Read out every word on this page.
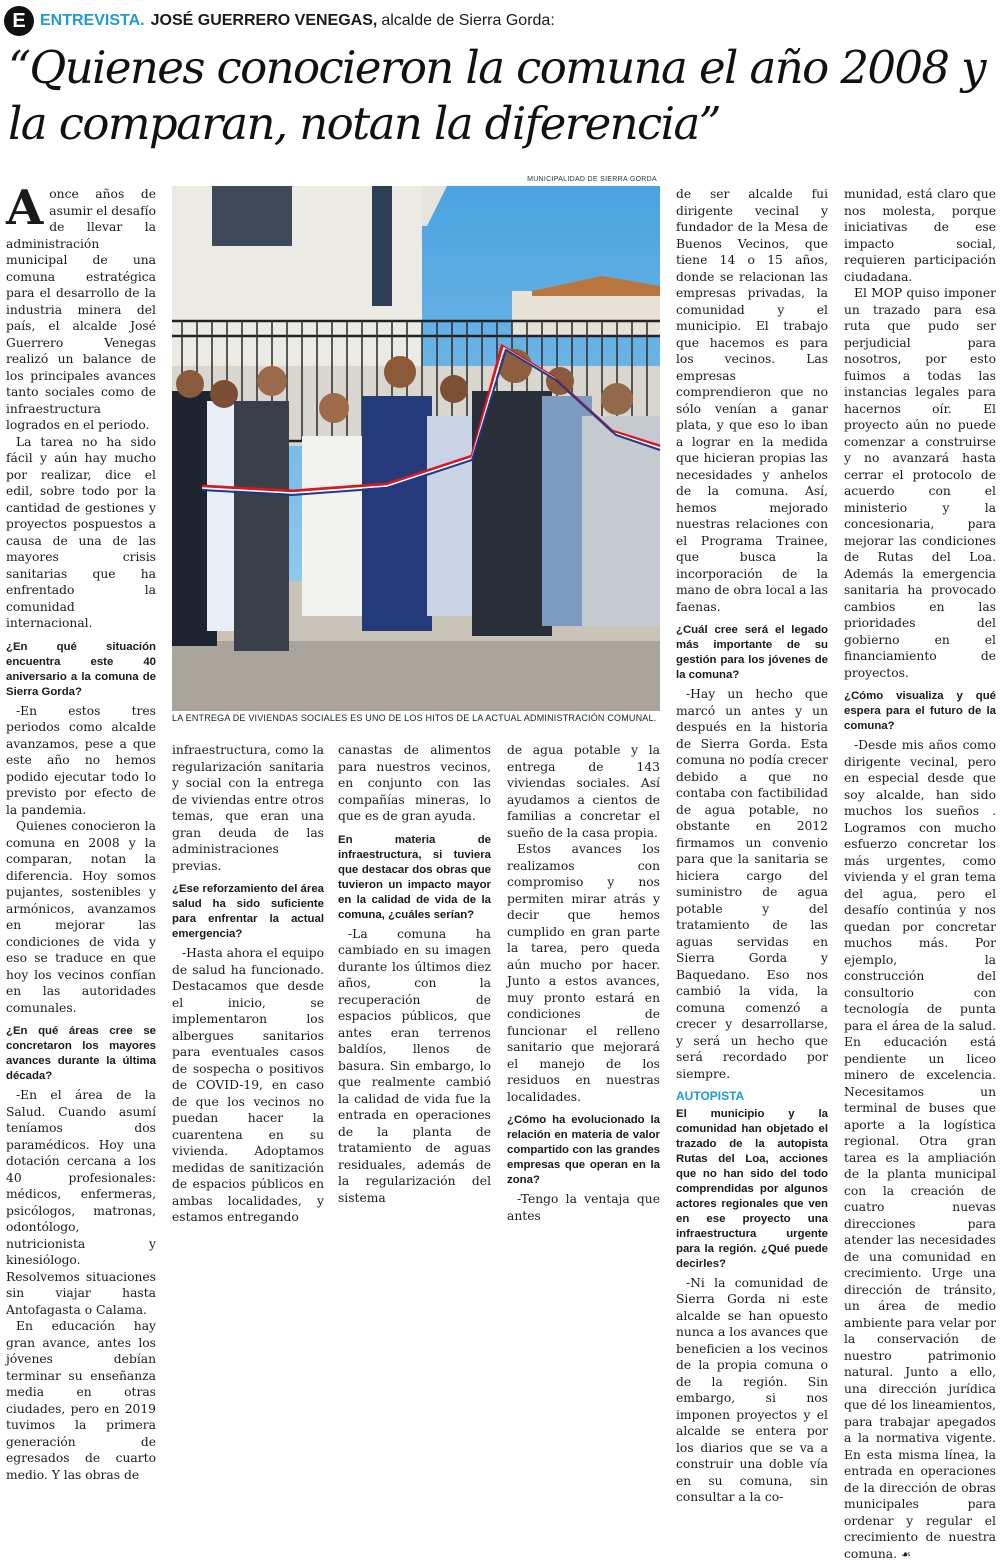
E ENTREVISTA. JOSÉ GUERRERO VENEGAS, alcalde de Sierra Gorda:
“Quienes conocieron la comuna el año 2008 y la comparan, notan la diferencia”

Aonce años de asumir el desafío de llevar la administración municipal de una comuna estratégica para el desarrollo de la industria minera del país, el alcalde José Guerrero Venegas realizó un balance de los principales avances tanto sociales como de infraestructura logrados en el periodo.

La tarea no ha sido fácil y aún hay mucho por realizar, dice el edil, sobre todo por la cantidad de gestiones y proyectos pospuestos a causa de una de las mayores crisis sanitarias que ha enfrentado la comunidad internacional.

¿En qué situación encuentra este 40 aniversario a la comuna de Sierra Gorda?

-En estos tres periodos como alcalde avanzamos, pese a que este año no hemos podido ejecutar todo lo previsto por efecto de la pandemia.

Quienes conocieron la comuna en 2008 y la comparan, notan la diferencia. Hoy somos pujantes, sostenibles y armónicos, avanzamos en mejorar las condiciones de vida y eso se traduce en que hoy los vecinos confían en las autoridades comunales.

¿En qué áreas cree se concretaron los mayores avances durante la última década?

-En el área de la Salud. Cuando asumí teníamos dos paramédicos. Hoy una dotación cercana a los 40 profesionales: médicos, enfermeras, psicólogos, matronas, odontólogo, nutricionista y kinesiólogo. Resolvemos situaciones sin viajar hasta Antofagasta o Calama.

En educación hay gran avance, antes los jóvenes debían terminar su enseñanza media en otras ciudades, pero en 2019 tuvimos la primera generación de egresados de cuarto medio. Y las obras de

MUNICIPALIDAD DE SIERRA GORDA
LA ENTREGA DE VIVIENDAS SOCIALES ES UNO DE LOS HITOS DE LA ACTUAL ADMINISTRACIÓN COMUNAL.

infraestructura, como la regularización sanitaria y social con la entrega de viviendas entre otros temas, que eran una gran deuda de las administraciones previas.

¿Ese reforzamiento del área salud ha sido suficiente para enfrentar la actual emergencia?

-Hasta ahora el equipo de salud ha funcionado. Destacamos que desde el inicio, se implementaron los albergues sanitarios para eventuales casos de sospecha o positivos de COVID-19, en caso de que los vecinos no puedan hacer la cuarentena en su vivienda. Adoptamos medidas de sanitización de espacios públicos en ambas localidades, y estamos entregando

canastas de alimentos para nuestros vecinos, en conjunto con las compañías mineras, lo que es de gran ayuda.

En materia de infraestructura, si tuviera que destacar dos obras que tuvieron un impacto mayor en la calidad de vida de la comuna, ¿cuáles serían?

-La comuna ha cambiado en su imagen durante los últimos diez años, con la recuperación de espacios públicos, que antes eran terrenos baldíos, llenos de basura. Sin embargo, lo que realmente cambió la calidad de vida fue la entrada en operaciones de la planta de tratamiento de aguas residuales, además de la regularización del sistema

de agua potable y la entrega de 143 viviendas sociales. Así ayudamos a cientos de familias a concretar el sueño de la casa propia.

Estos avances los realizamos con compromiso y nos permiten mirar atrás y decir que hemos cumplido en gran parte la tarea, pero queda aún mucho por hacer. Junto a estos avances, muy pronto estará en condiciones de funcionar el relleno sanitario que mejorará el manejo de los residuos en nuestras localidades.

¿Cómo ha evolucionado la relación en materia de valor compartido con las grandes empresas que operan en la zona?

-Tengo la ventaja que antes

de ser alcalde fui dirigente vecinal y fundador de la Mesa de Buenos Vecinos, que tiene 14 o 15 años, donde se relacionan las empresas privadas, la comunidad y el municipio. El trabajo que hacemos es para los vecinos. Las empresas comprendieron que no sólo venían a ganar plata, y que eso lo iban a lograr en la medida que hicieran propias las necesidades y anhelos de la comuna. Así, hemos mejorado nuestras relaciones con el Programa Trainee, que busca la incorporación de la mano de obra local a las faenas.

¿Cuál cree será el legado más importante de su gestión para los jóvenes de la comuna?

-Hay un hecho que marcó un antes y un después en la historia de Sierra Gorda. Esta comuna no podía crecer debido a que no contaba con factibilidad de agua potable, no obstante en 2012 firmamos un convenio para que la sanitaria se hiciera cargo del suministro de agua potable y del tratamiento de las aguas servidas en Sierra Gorda y Baquedano. Eso nos cambió la vida, la comuna comenzó a crecer y desarrollarse, y será un hecho que será recordado por siempre.

AUTOPISTA

El municipio y la comunidad han objetado el trazado de la autopista Rutas del Loa, acciones que no han sido del todo comprendidas por algunos actores regionales que ven en ese proyecto una infraestructura urgente para la región. ¿Qué puede decirles?

-Ni la comunidad de Sierra Gorda ni este alcalde se han opuesto nunca a los avances que beneficien a los vecinos de la propia comuna o de la región. Sin embargo, si nos imponen proyectos y el alcalde se entera por los diarios que se va a construir una doble vía en su comuna, sin consultar a la co-

munidad, está claro que nos molesta, porque iniciativas de ese impacto social, requieren participación ciudadana.

El MOP quiso imponer un trazado para esa ruta que pudo ser perjudicial para nosotros, por esto fuimos a todas las instancias legales para hacernos oír. El proyecto aún no puede comenzar a construirse y no avanzará hasta cerrar el protocolo de acuerdo con el ministerio y la concesionaria, para mejorar las condiciones de Rutas del Loa. Además la emergencia sanitaria ha provocado cambios en las prioridades del gobierno en el financiamiento de proyectos.

¿Cómo visualiza y qué espera para el futuro de la comuna?

-Desde mis años como dirigente vecinal, pero en especial desde que soy alcalde, han sido muchos los sueños . Logramos con mucho esfuerzo concretar los más urgentes, como vivienda y el gran tema del agua, pero el desafío continúa y nos quedan por concretar muchos más. Por ejemplo, la construcción del consultorio con tecnología de punta para el área de la salud. En educación está pendiente un liceo minero de excelencia. Necesitamos un terminal de buses que aporte a la logística regional. Otra gran tarea es la ampliación de la planta municipal con la creación de cuatro nuevas direcciones para atender las necesidades de una comunidad en crecimiento. Urge una dirección de tránsito, un área de medio ambiente para velar por la conservación de nuestro patrimonio natural. Junto a ello, una dirección jurídica que dé los lineamientos, para trabajar apegados a la normativa vigente. En esta misma línea, la entrada en operaciones de la dirección de obras municipales para ordenar y regular el crecimiento de nuestra comuna. ☙
